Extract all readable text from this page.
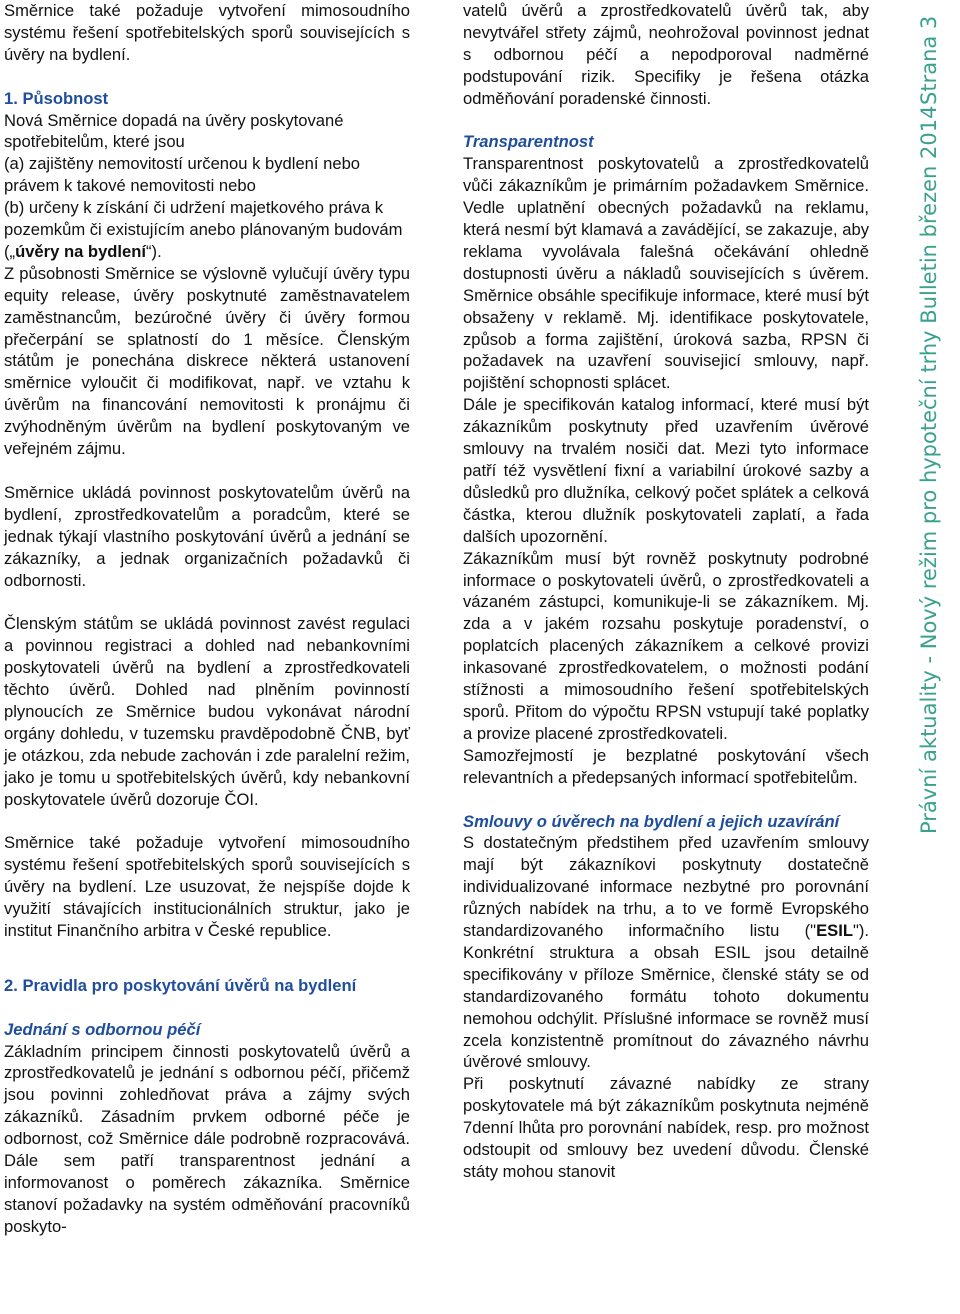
Směrnice také požaduje vytvoření mimosoudního systému řešení spotřebitelských sporů souvisejících s úvěry na bydlení.

1. Působnost

Nová Směrnice dopadá na úvěry poskytované spotřebitelům, které jsou

(a) zajištěny nemovitostí určenou k bydlení nebo právem k takové nemovitosti nebo

(b) určeny k získání či udržení majetkového práva k pozemkům či existujícím anebo plánovaným budovám („úvěry na bydlení“).

Z působnosti Směrnice se výslovně vylučují úvěry typu equity release, úvěry poskytnuté zaměstnavatelem zaměstnancům, bezúročné úvěry či úvěry formou přečerpání se splatností do 1 měsíce. Členským státům je ponechána diskrece některá ustanovení směrnice vyloučit či modifikovat, např. ve vztahu k úvěrům na financování nemovitosti k pronájmu či zvýhodněným úvěrům na bydlení poskytovaným ve veřejném zájmu.

Směrnice ukládá povinnost poskytovatelům úvěrů na bydlení, zprostředkovatelům a poradcům, které se jednak týkají vlastního poskytování úvěrů a jednání se zákazníky, a jednak organizačních požadavků či odbornosti.

Členským státům se ukládá povinnost zavést regulaci a povinnou registraci a dohled nad nebankovními poskytovateli úvěrů na bydlení a zprostředkovateli těchto úvěrů. Dohled nad plněním povinností plynoucích ze Směrnice budou vykonávat národní orgány dohledu, v tuzemsku pravděpodobně ČNB, byť je otázkou, zda nebude zachován i zde paralelní režim, jako je tomu u spotřebitelských úvěrů, kdy nebankovní poskytovatele úvěrů dozoruje ČOI.

Směrnice také požaduje vytvoření mimosoudního systému řešení spotřebitelských sporů souvisejících s úvěry na bydlení. Lze usuzovat, že nejspíše dojde k využití stávajících institucionálních struktur, jako je institut Finančního arbitra v České republice.

2. Pravidla pro poskytování úvěrů na bydlení

Jednání s odbornou péčí

Základním principem činnosti poskytovatelů úvěrů a zprostředkovatelů je jednání s odbornou péčí, přičemž jsou povinni zohledňovat práva a zájmy svých zákazníků. Zásadním prvkem odborné péče je odbornost, což Směrnice dále podrobně rozpracovává. Dále sem patří transparentnost jednání a informovanost o poměrech zákazníka. Směrnice stanoví požadavky na systém odměňování pracovníků poskyto-

vatelů úvěrů a zprostředkovatelů úvěrů tak, aby nevytvářel střety zájmů, neohrožoval povinnost jednat s odbornou péčí a nepodporoval nadměrné podstupování rizik. Specifiky je řešena otázka odměňování poradenské činnosti.

Transparentnost

Transparentnost poskytovatelů a zprostředkovatelů vůči zákazníkům je primárním požadavkem Směrnice. Vedle uplatnění obecných požadavků na reklamu, která nesmí být klamavá a zavádějící, se zakazuje, aby reklama vyvolávala falešná očekávání ohledně dostupnosti úvěru a nákladů souvisejících s úvěrem. Směrnice obsáhle specifikuje informace, které musí být obsaženy v reklamě. Mj. identifikace poskytovatele, způsob a forma zajištění, úroková sazba, RPSN či požadavek na uzavření souvisejicí smlouvy, např. pojištění schopnosti splácet.

Dále je specifikován katalog informací, které musí být zákazníkům poskytnuty před uzavřením úvěrové smlouvy na trvalém nosiči dat. Mezi tyto informace patří též vysvětlení fixní a variabilní úrokové sazby a důsledků pro dlužníka, celkový počet splátek a celková částka, kterou dlužník poskytovateli zaplatí, a řada dalších upozornění.

Zákazníkům musí být rovněž poskytnuty podrobné informace o poskytovateli úvěrů, o zprostředkovateli a vázaném zástupci, komunikuje-li se zákazníkem. Mj. zda a v jakém rozsahu poskytuje poradenství, o poplatcích placených zákazníkem a celkové provizi inkasované zprostředkovatelem, o možnosti podání stížnosti a mimosoudního řešení spotřebitelských sporů. Přitom do výpočtu RPSN vstupují také poplatky a provize placené zprostředkovateli.

Samozřejmostí je bezplatné poskytování všech relevantních a předepsaných informací spotřebitelům.

Smlouvy o úvěrech na bydlení a jejich uzavírání

S dostatečným předstihem před uzavřením smlouvy mají být zákazníkovi poskytnuty dostatečně individualizované informace nezbytné pro porovnání různých nabídek na trhu, a to ve formě Evropského standardizovaného informačního listu ("ESIL"). Konkrétní struktura a obsah ESIL jsou detailně specifikovány v příloze Směrnice, členské státy se od standardizovaného formátu tohoto dokumentu nemohou odchýlit. Příslušné informace se rovněž musí zcela konzistentně promítnout do závazného návrhu úvěrové smlouvy.

Při poskytnutí závazné nabídky ze strany poskytovatele má být zákazníkům poskytnuta nejméně 7denní lhůta pro porovnání nabídek, resp. pro možnost odstoupit od smlouvy bez uvedení důvodu. Členské státy mohou stanovit

Právní aktuality - Nový režim pro hypoteční trhy Bulletin březen 2014
Strana 3
